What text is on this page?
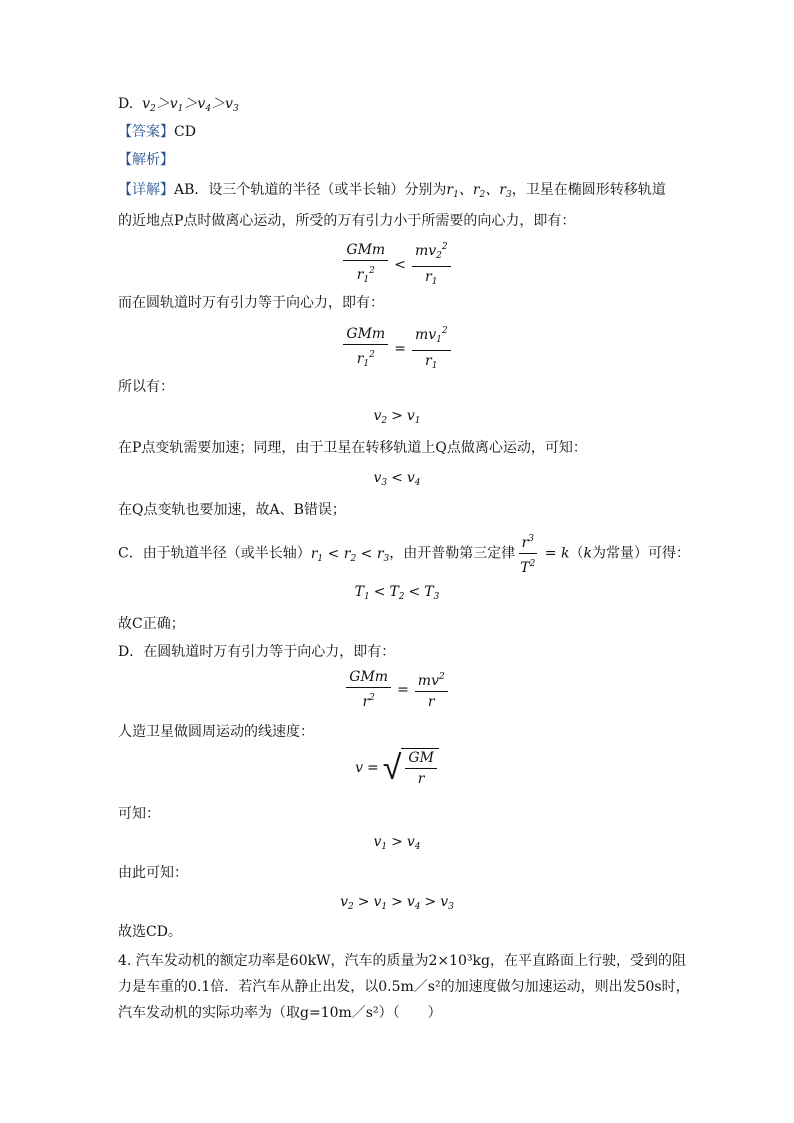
D.  $v_2>v_1>v_4>v_3$
【答案】CD
【解析】
【详解】AB．设三个轨道的半径（或半长轴）分别为$r_1$、$r_2$、$r_3$，卫星在椭圆形转移轨道
的近地点P点时做离心运动，所受的万有引力小于所需要的向心力，即有：
$\frac{\text{GMm}}{r_1^2} < \frac{mv_2^2}{r_1}$
而在圆轨道时万有引力等于向心力，即有：
$\frac{\text{GMm}}{r_1^2} = \frac{mv_1^2}{r_1}$
所以有：
$v_2 > v_1$
在P点变轨需要加速；同理，由于卫星在转移轨道上Q点做离心运动，可知：
$v_3 < v_4$
在Q点变轨也要加速，故A、B错误；
C．由于轨道半径（或半长轴）$r_1 < r_2 < r_3$，由开普勒第三定律 $\frac{r^3}{T^2} = k(k$为常量）可得：
$T_1 < T_2 < T_3$
故C正确；
D．在圆轨道时万有引力等于向心力，即有：
$\frac{\text{GMm}}{r^2} = \frac{mv^2}{r}$
人造卫星做圆周运动的线速度：
v = √ $\frac{GM}{r}$
可知：
$v_1 > v_4$
由此可知：
$v_2 > v_1 > v_4 > v_3$
故选CD。
4. 汽车发动机的额定功率是60kW，汽车的质量为2×10³kg，在平直路面上行驶，受到的阻
力是车重的0.1倍．若汽车从静止出发，以0.5m／s²的加速度做匀加速运动，则出发50s时，
汽车发动机的实际功率为（取g=10m／s²）（　　）
